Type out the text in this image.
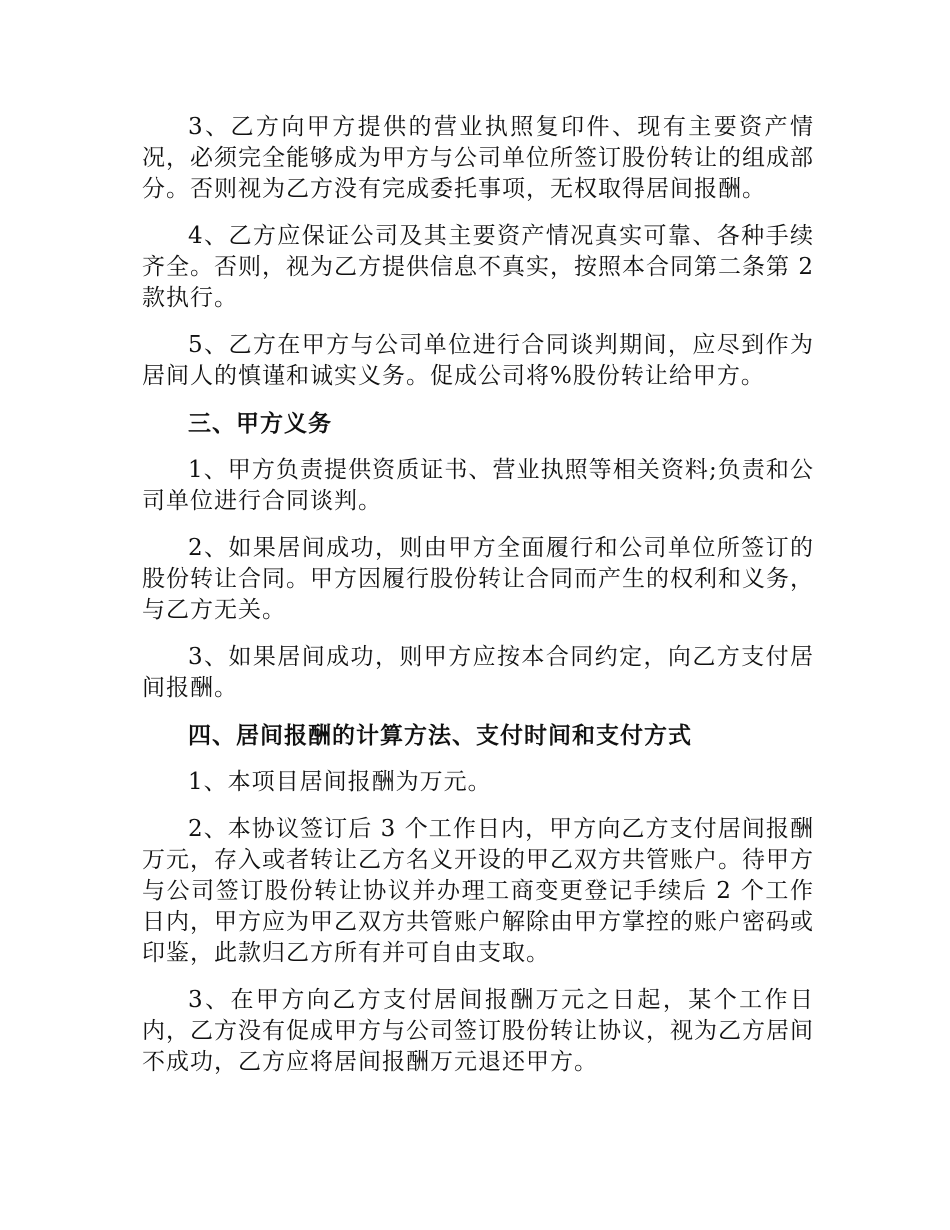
3、乙方向甲方提供的营业执照复印件、现有主要资产情况，必须完全能够成为甲方与公司单位所签订股份转让的组成部分。否则视为乙方没有完成委托事项，无权取得居间报酬。

4、乙方应保证公司及其主要资产情况真实可靠、各种手续齐全。否则，视为乙方提供信息不真实，按照本合同第二条第 2 款执行。

5、乙方在甲方与公司单位进行合同谈判期间，应尽到作为居间人的慎谨和诚实义务。促成公司将%股份转让给甲方。

三、甲方义务

1、甲方负责提供资质证书、营业执照等相关资料;负责和公司单位进行合同谈判。

2、如果居间成功，则由甲方全面履行和公司单位所签订的股份转让合同。甲方因履行股份转让合同而产生的权利和义务，与乙方无关。

3、如果居间成功，则甲方应按本合同约定，向乙方支付居间报酬。

四、居间报酬的计算方法、支付时间和支付方式

1、本项目居间报酬为万元。

2、本协议签订后 3 个工作日内，甲方向乙方支付居间报酬万元，存入或者转让乙方名义开设的甲乙双方共管账户。待甲方与公司签订股份转让协议并办理工商变更登记手续后 2 个工作日内，甲方应为甲乙双方共管账户解除由甲方掌控的账户密码或印鉴，此款归乙方所有并可自由支取。

3、在甲方向乙方支付居间报酬万元之日起，某个工作日内，乙方没有促成甲方与公司签订股份转让协议，视为乙方居间不成功，乙方应将居间报酬万元退还甲方。
